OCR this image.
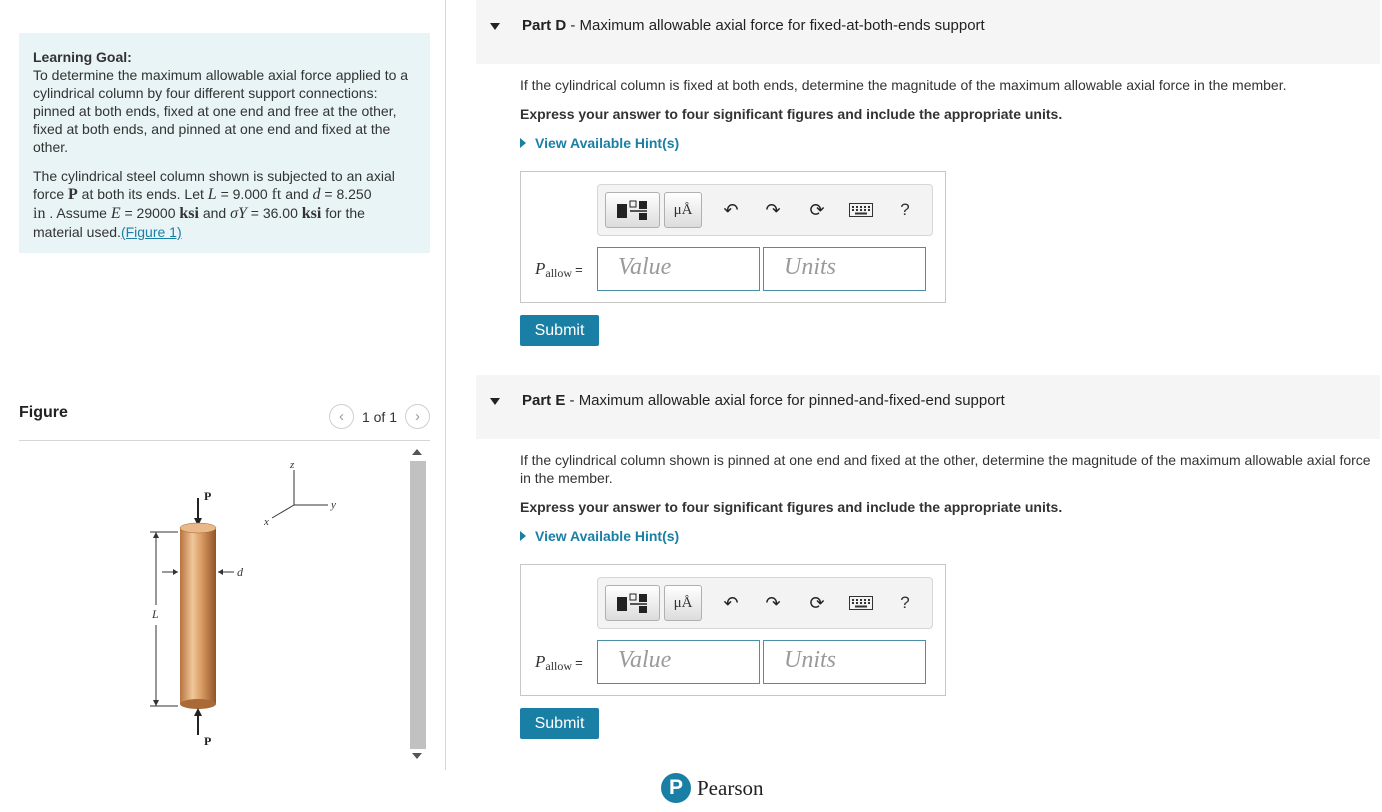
Learning Goal:
To determine the maximum allowable axial force applied to a cylindrical column by four different support connections: pinned at both ends, fixed at one end and free at the other, fixed at both ends, and pinned at one end and fixed at the other.
The cylindrical steel column shown is subjected to an axial force P at both its ends. Let L = 9.000 ft and d = 8.250
in . Assume E = 29000 ksi and σY = 36.00 ksi for the material used.(Figure 1)
Figure	‹ 1 of 1 ›
z
y
x
P
P
d
L
Part D - Maximum allowable axial force for fixed-at-both-ends support

If the cylindrical column is fixed at both ends, determine the magnitude of the maximum allowable axial force in the member.

Express your answer to four significant figures and include the appropriate units.

View Available Hint(s)
μÅ ↶ ↷ ⟳	?
$P_{allow}$ =	Value	Units
Submit
Part E - Maximum allowable axial force for pinned-and-fixed-end support

If the cylindrical column shown is pinned at one end and fixed at the other, determine the magnitude of the maximum allowable axial force in the member.

Express your answer to four significant figures and include the appropriate units.

View Available Hint(s)
μÅ ↶ ↷ ⟳	?
$P_{allow}$ =	Value	Units
Submit
P Pearson
